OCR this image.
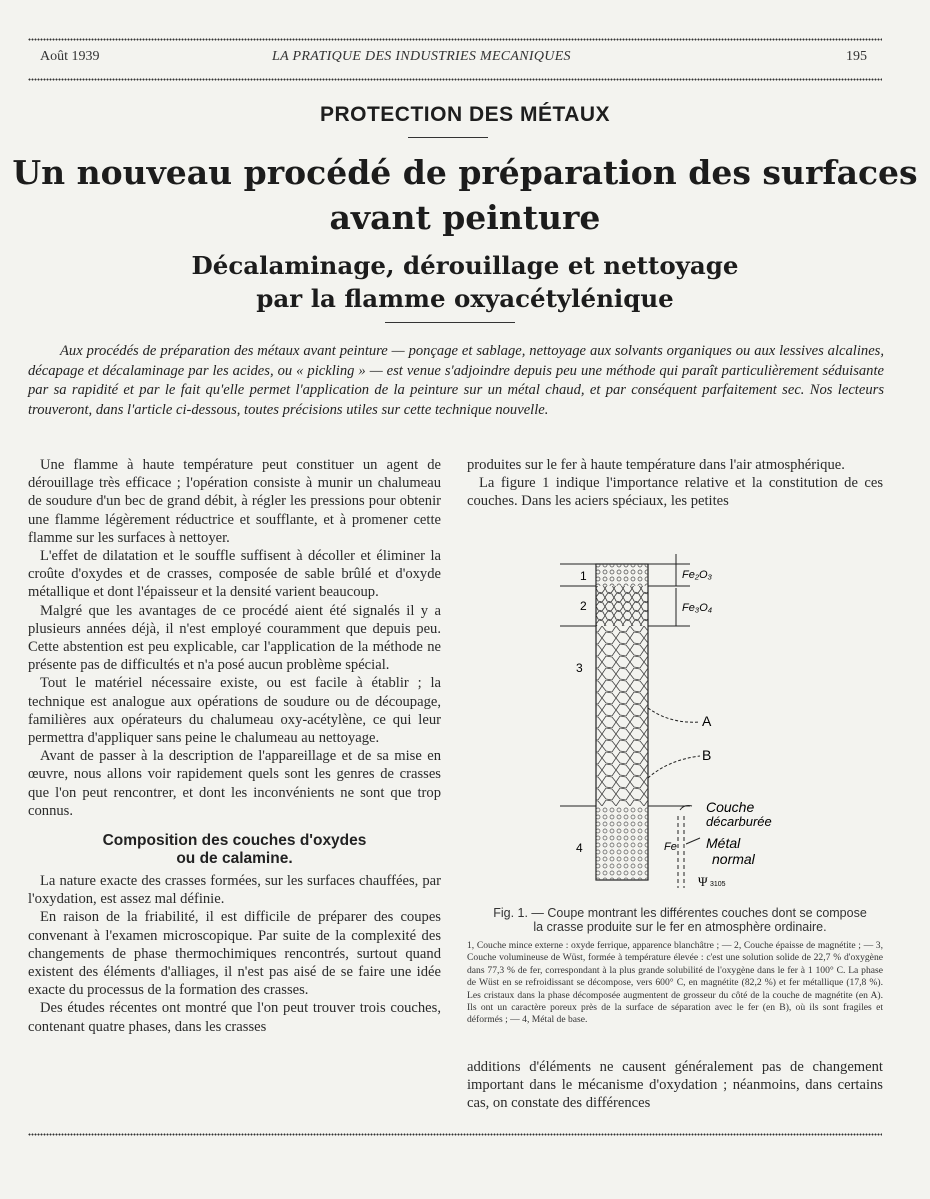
Août 1939	LA PRATIQUE DES INDUSTRIES MECANIQUES	195
PROTECTION DES MÉTAUX
Un nouveau procédé de préparation des surfaces
avant peinture
Décalaminage, dérouillage et nettoyage
par la flamme oxyacétylénique
Aux procédés de préparation des métaux avant peinture — ponçage et sablage, nettoyage aux solvants organiques ou aux lessives alcalines, décapage et décalaminage par les acides, ou « pickling » — est venue s'adjoindre depuis peu une méthode qui paraît particulièrement séduisante par sa rapidité et par le fait qu'elle permet l'application de la peinture sur un métal chaud, et par conséquent parfaitement sec. Nos lecteurs trouveront, dans l'article ci-dessous, toutes précisions utiles sur cette technique nouvelle.

Une flamme à haute température peut constituer un agent de dérouillage très efficace ; l'opération consiste à munir un chalumeau de soudure d'un bec de grand débit, à régler les pressions pour obtenir une flamme légèrement réductrice et soufflante, et à promener cette flamme sur les surfaces à nettoyer.

L'effet de dilatation et le souffle suffisent à décoller et éliminer la croûte d'oxydes et de crasses, composée de sable brûlé et d'oxyde métallique et dont l'épaisseur et la densité varient beaucoup.

Malgré que les avantages de ce procédé aient été signalés il y a plusieurs années déjà, il n'est employé couramment que depuis peu. Cette abstention est peu explicable, car l'application de la méthode ne présente pas de difficultés et n'a posé aucun problème spécial.

Tout le matériel nécessaire existe, ou est facile à établir ; la technique est analogue aux opérations de soudure ou de découpage, familières aux opérateurs du chalumeau oxy-acétylène, ce qui leur permettra d'appliquer sans peine le chalumeau au nettoyage.

Avant de passer à la description de l'appareillage et de sa mise en œuvre, nous allons voir rapidement quels sont les genres de crasses que l'on peut rencontrer, et dont les inconvénients ne sont que trop connus.

Composition des couches d'oxydes
ou de calamine.

La nature exacte des crasses formées, sur les surfaces chauffées, par l'oxydation, est assez mal définie.

En raison de la friabilité, il est difficile de préparer des coupes convenant à l'examen microscopique. Par suite de la complexité des changements de phase thermochimiques rencontrés, surtout quand existent des éléments d'alliages, il n'est pas aisé de se faire une idée exacte du processus de la formation des crasses.

Des études récentes ont montré que l'on peut trouver trois couches, contenant quatre phases, dans les crasses

produites sur le fer à haute température dans l'air atmosphérique.

La figure 1 indique l'importance relative et la constitution de ces couches. Dans les aciers spéciaux, les petites

1
2
3
4
Fe₂O₃
Fe₃O₄
A
B
Couche
décarburée
Fe Métal
normal
Ψ 3105
Fig. 1. — Coupe montrant les différentes couches dont se compose
la crasse produite sur le fer en atmosphère ordinaire.
1, Couche mince externe : oxyde ferrique, apparence blanchâtre ; — 2, Couche épaisse de magnétite ; — 3, Couche volumineuse de Wüst, formée à température élevée : c'est une solution solide de 22,7 % d'oxygène dans 77,3 % de fer, correspondant à la plus grande solubilité de l'oxygène dans le fer à 1 100° C. La phase de Wüst en se refroidissant se décompose, vers 600° C, en magnétite (82,2 %) et fer métallique (17,8 %). Les cristaux dans la phase décomposée augmentent de grosseur du côté de la couche de magnétite (en A). Ils ont un caractère poreux près de la surface de séparation avec le fer (en B), où ils sont fragiles et déformés ; — 4, Métal de base.

additions d'éléments ne causent généralement pas de changement important dans le mécanisme d'oxydation ; néanmoins, dans certains cas, on constate des différences
